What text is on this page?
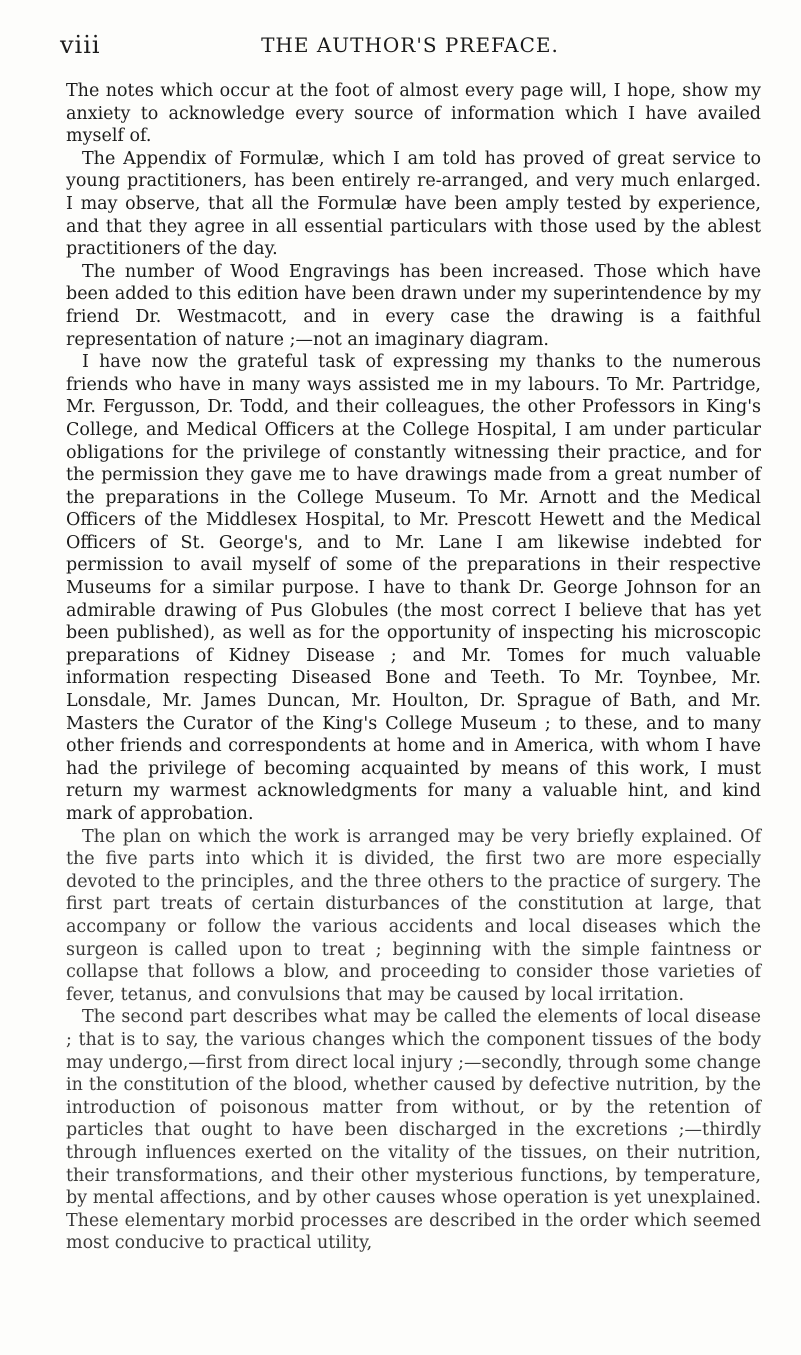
viii	THE AUTHOR'S PREFACE.

The notes which occur at the foot of almost every page will, I hope, show my anxiety to acknowledge every source of information which I have availed myself of.

The Appendix of Formulæ, which I am told has proved of great service to young practitioners, has been entirely re-arranged, and very much enlarged. I may observe, that all the Formulæ have been amply tested by experience, and that they agree in all essential particulars with those used by the ablest practitioners of the day.

The number of Wood Engravings has been increased. Those which have been added to this edition have been drawn under my superintendence by my friend Dr. Westmacott, and in every case the drawing is a faithful representation of nature ;—not an imaginary diagram.

I have now the grateful task of expressing my thanks to the numerous friends who have in many ways assisted me in my labours. To Mr. Partridge, Mr. Fergusson, Dr. Todd, and their colleagues, the other Professors in King's College, and Medical Officers at the College Hospital, I am under particular obligations for the privilege of constantly witnessing their practice, and for the permission they gave me to have drawings made from a great number of the preparations in the College Museum. To Mr. Arnott and the Medical Officers of the Middlesex Hospital, to Mr. Prescott Hewett and the Medical Officers of St. George's, and to Mr. Lane I am likewise indebted for permission to avail myself of some of the preparations in their respective Museums for a similar purpose. I have to thank Dr. George Johnson for an admirable drawing of Pus Globules (the most correct I believe that has yet been published), as well as for the opportunity of inspecting his microscopic preparations of Kidney Disease ; and Mr. Tomes for much valuable information respecting Diseased Bone and Teeth. To Mr. Toynbee, Mr. Lonsdale, Mr. James Duncan, Mr. Houlton, Dr. Sprague of Bath, and Mr. Masters the Curator of the King's College Museum ; to these, and to many other friends and correspondents at home and in America, with whom I have had the privilege of becoming acquainted by means of this work, I must return my warmest acknowledgments for many a valuable hint, and kind mark of approbation.

The plan on which the work is arranged may be very briefly explained. Of the five parts into which it is divided, the first two are more especially devoted to the principles, and the three others to the practice of surgery. The first part treats of certain disturbances of the constitution at large, that accompany or follow the various accidents and local diseases which the surgeon is called upon to treat ; beginning with the simple faintness or collapse that follows a blow, and proceeding to consider those varieties of fever, tetanus, and convulsions that may be caused by local irritation.

The second part describes what may be called the elements of local disease ; that is to say, the various changes which the component tissues of the body may undergo,—first from direct local injury ;—secondly, through some change in the constitution of the blood, whether caused by defective nutrition, by the introduction of poisonous matter from without, or by the retention of particles that ought to have been discharged in the excretions ;—thirdly through influences exerted on the vitality of the tissues, on their nutrition, their transformations, and their other mysterious functions, by temperature, by mental affections, and by other causes whose operation is yet unexplained. These elementary morbid processes are described in the order which seemed most conducive to practical utility,
